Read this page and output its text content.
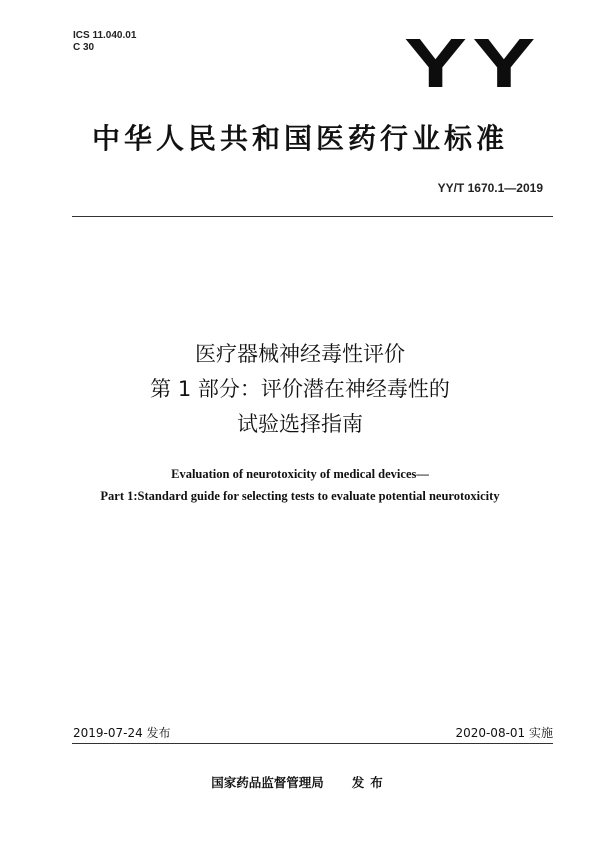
ICS 11.040.01
C 30	YY
中华人民共和国医药行业标准
YY/T 1670.1—2019
医疗器械神经毒性评价
第 1 部分：评价潜在神经毒性的
试验选择指南
Evaluation of neurotoxicity of medical devices—
Part 1:Standard guide for selecting tests to evaluate potential neurotoxicity
2019-07-24 发布	2020-08-01 实施
国家药品监督管理局 发布
